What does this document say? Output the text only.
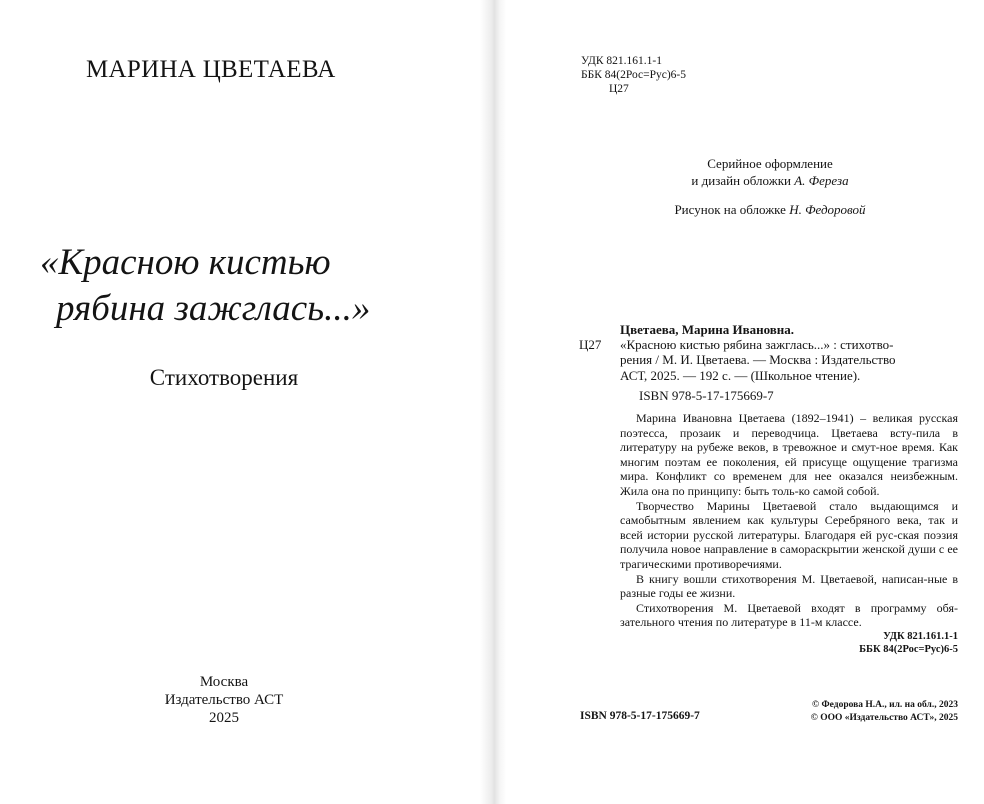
МАРИНА ЦВЕТАЕВА
«Красною кистью
рябина зажглась...»
Стихотворения
Москва
Издательство АСТ
2025
УДК 821.161.1-1
ББК 84(2Рос=Рус)6-5
Ц27
Серийное оформление
и дизайн обложки А. Фереза
Рисунок на обложке Н. Федоровой
Цветаева, Марина Ивановна.
Ц27	«Красною кистью рябина зажглась...» : стихотво-
рения / М. И. Цветаева. — Москва : Издательство
АСТ, 2025. — 192 с. — (Школьное чтение).
ISBN 978-5-17-175669-7

Марина Ивановна Цветаева (1892–1941) – великая русская поэтесса, прозаик и переводчица. Цветаева всту-пила в литературу на рубеже веков, в тревожное и смут-ное время. Как многим поэтам ее поколения, ей присуще ощущение трагизма мира. Конфликт со временем для нее оказался неизбежным. Жила она по принципу: быть толь-ко самой собой.

Творчество Марины Цветаевой стало выдающимся и самобытным явлением как культуры Серебряного века, так и всей истории русской литературы. Благодаря ей рус-ская поэзия получила новое направление в самораскрытии женской души с ее трагическими противоречиями.

В книгу вошли стихотворения М. Цветаевой, написан-ные в разные годы ее жизни.

Стихотворения М. Цветаевой входят в программу обя-зательного чтения по литературе в 11-м классе.

УДК 821.161.1-1
ББК 84(2Рос=Рус)6-5
ISBN 978-5-17-175669-7
© Федорова Н.А., ил. на обл., 2023
© ООО «Издательство АСТ», 2025
